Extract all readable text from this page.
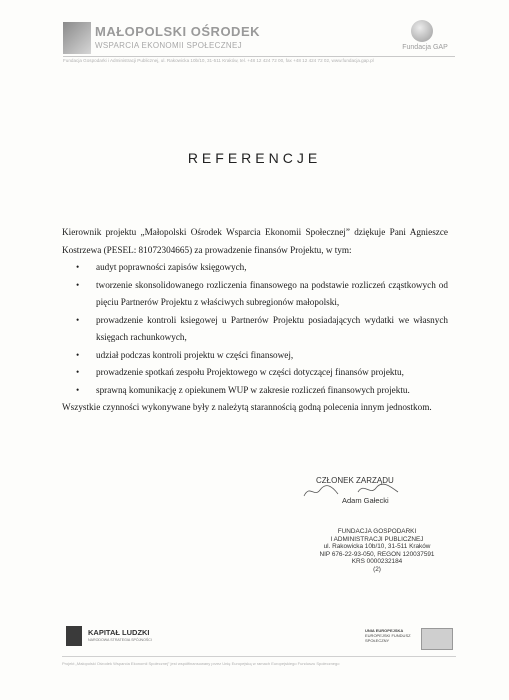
MAŁOPOLSKI OŚRODEK
WSPARCIA EKONOMII SPOŁECZNEJ	Fundacja GAP
Fundacja Gospodarki i Administracji Publicznej, ul. Rakowicka 10b/10, 31-511 Kraków, tel. +48 12 424 72 00, fax +48 12 424 72 02, www.fundacja.gap.pl
REFERENCJE

Kierownik projektu „Małopolski Ośrodek Wsparcia Ekonomii Społecznej” dziękuje Pani Agnieszce Kostrzewa (PESEL: 81072304665) za prowadzenie finansów Projektu, w tym:

• audyt poprawności zapisów księgowych,
• tworzenie skonsolidowanego rozliczenia finansowego na podstawie rozliczeń cząstkowych od pięciu Partnerów Projektu z właściwych subregionów małopolski,
• prowadzenie kontroli ksiegowej u Partnerów Projektu posiadających wydatki we własnych księgach rachunkowych,
• udział podczas kontroli projektu w części finansowej,
• prowadzenie spotkań zespołu Projektowego w części dotyczącej finansów projektu,
• sprawną komunikację z opiekunem WUP w zakresie rozliczeń finansowych projektu.

Wszystkie czynności wykonywane były z należytą starannością godną polecenia innym jednostkom.

CZŁONEK ZARZĄDU
Adam Gałecki
FUNDACJA GOSPODARKI
I ADMINISTRACJI PUBLICZNEJ
ul. Rakowicka 10b/10, 31-511 Kraków
NIP 676-22-93-050, REGON 120037591
KRS 0000232184
(2)
KAPITAŁ LUDZKI
NARODOWA STRATEGIA SPÓJNOŚCI
UNIA EUROPEJSKA
EUROPEJSKI FUNDUSZ SPOŁECZNY
Projekt „Małopolski Ośrodek Wsparcia Ekonomii Społecznej” jest współfinansowany przez Unię Europejską w ramach Europejskiego Funduszu Społecznego
